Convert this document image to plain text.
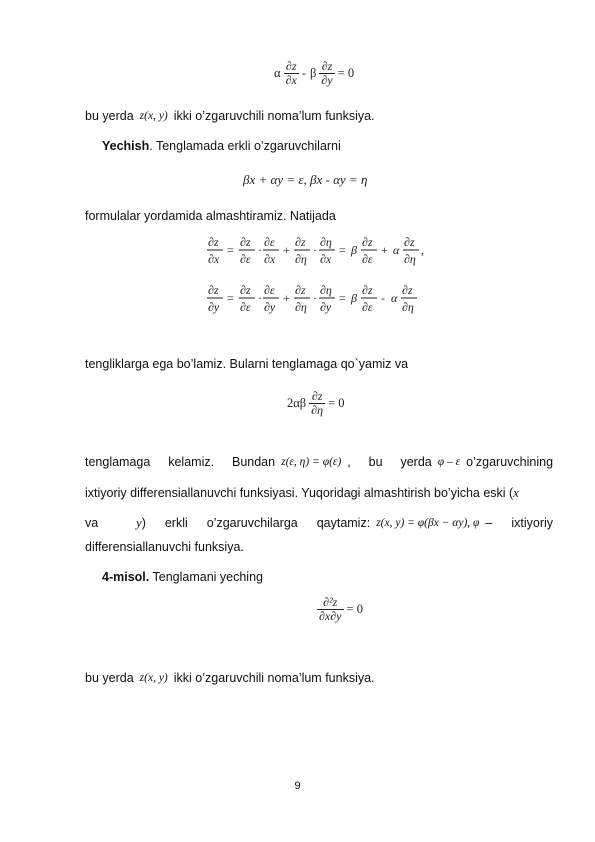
α $\frac{\partial z}{\partial x} - \beta \frac{\partial z}{\partial y} = 0$
bu yerda z(x, y) ikki o’zgaruvchili noma’lum funksiya.
Yechish. Tenglamada erkli o’zgaruvchilarni
βx + αy = ε, βx - αy = η
formulalar yordamida almashtiramiz. Natijada
∂z
∂x
=
∂z
∂ε
·
∂ε
∂x
+
∂z
∂η
·
∂η
∂x
= β
∂z
∂ε
+ α
∂z
∂η
,
∂z
∂y
=
∂z
∂ε
·
∂ε
∂y
+
∂z
∂η
·
∂η
∂y
= β
∂z
∂ε
- α
∂z
∂η
tengliklarga ega bo’lamiz. Bularni tenglamaga qo`yamiz va
$2\alpha\beta \frac{\partial z}{\partial\eta} = 0$
tenglamaga kelamiz. Bundan z(ε, η) = φ(ε) , bu yerda φ – ε o’zgaruvchining
ixtiyoriy differensiallanuvchi funksiyasi. Yuqoridagi almashtirish bo’yicha eski (x
va	y) erkli o’zgaruvchilarga qaytamiz: z(x, y) = φ(βx − αy), φ – ixtiyoriy
differensiallanuvchi funksiya.
4-misol. Tenglamani yeching
$\frac{\text{∂²z}}{\partial x\partial y} = 0$
bu yerda z(x, y) ikki o’zgaruvchili noma’lum funksiya.
9
